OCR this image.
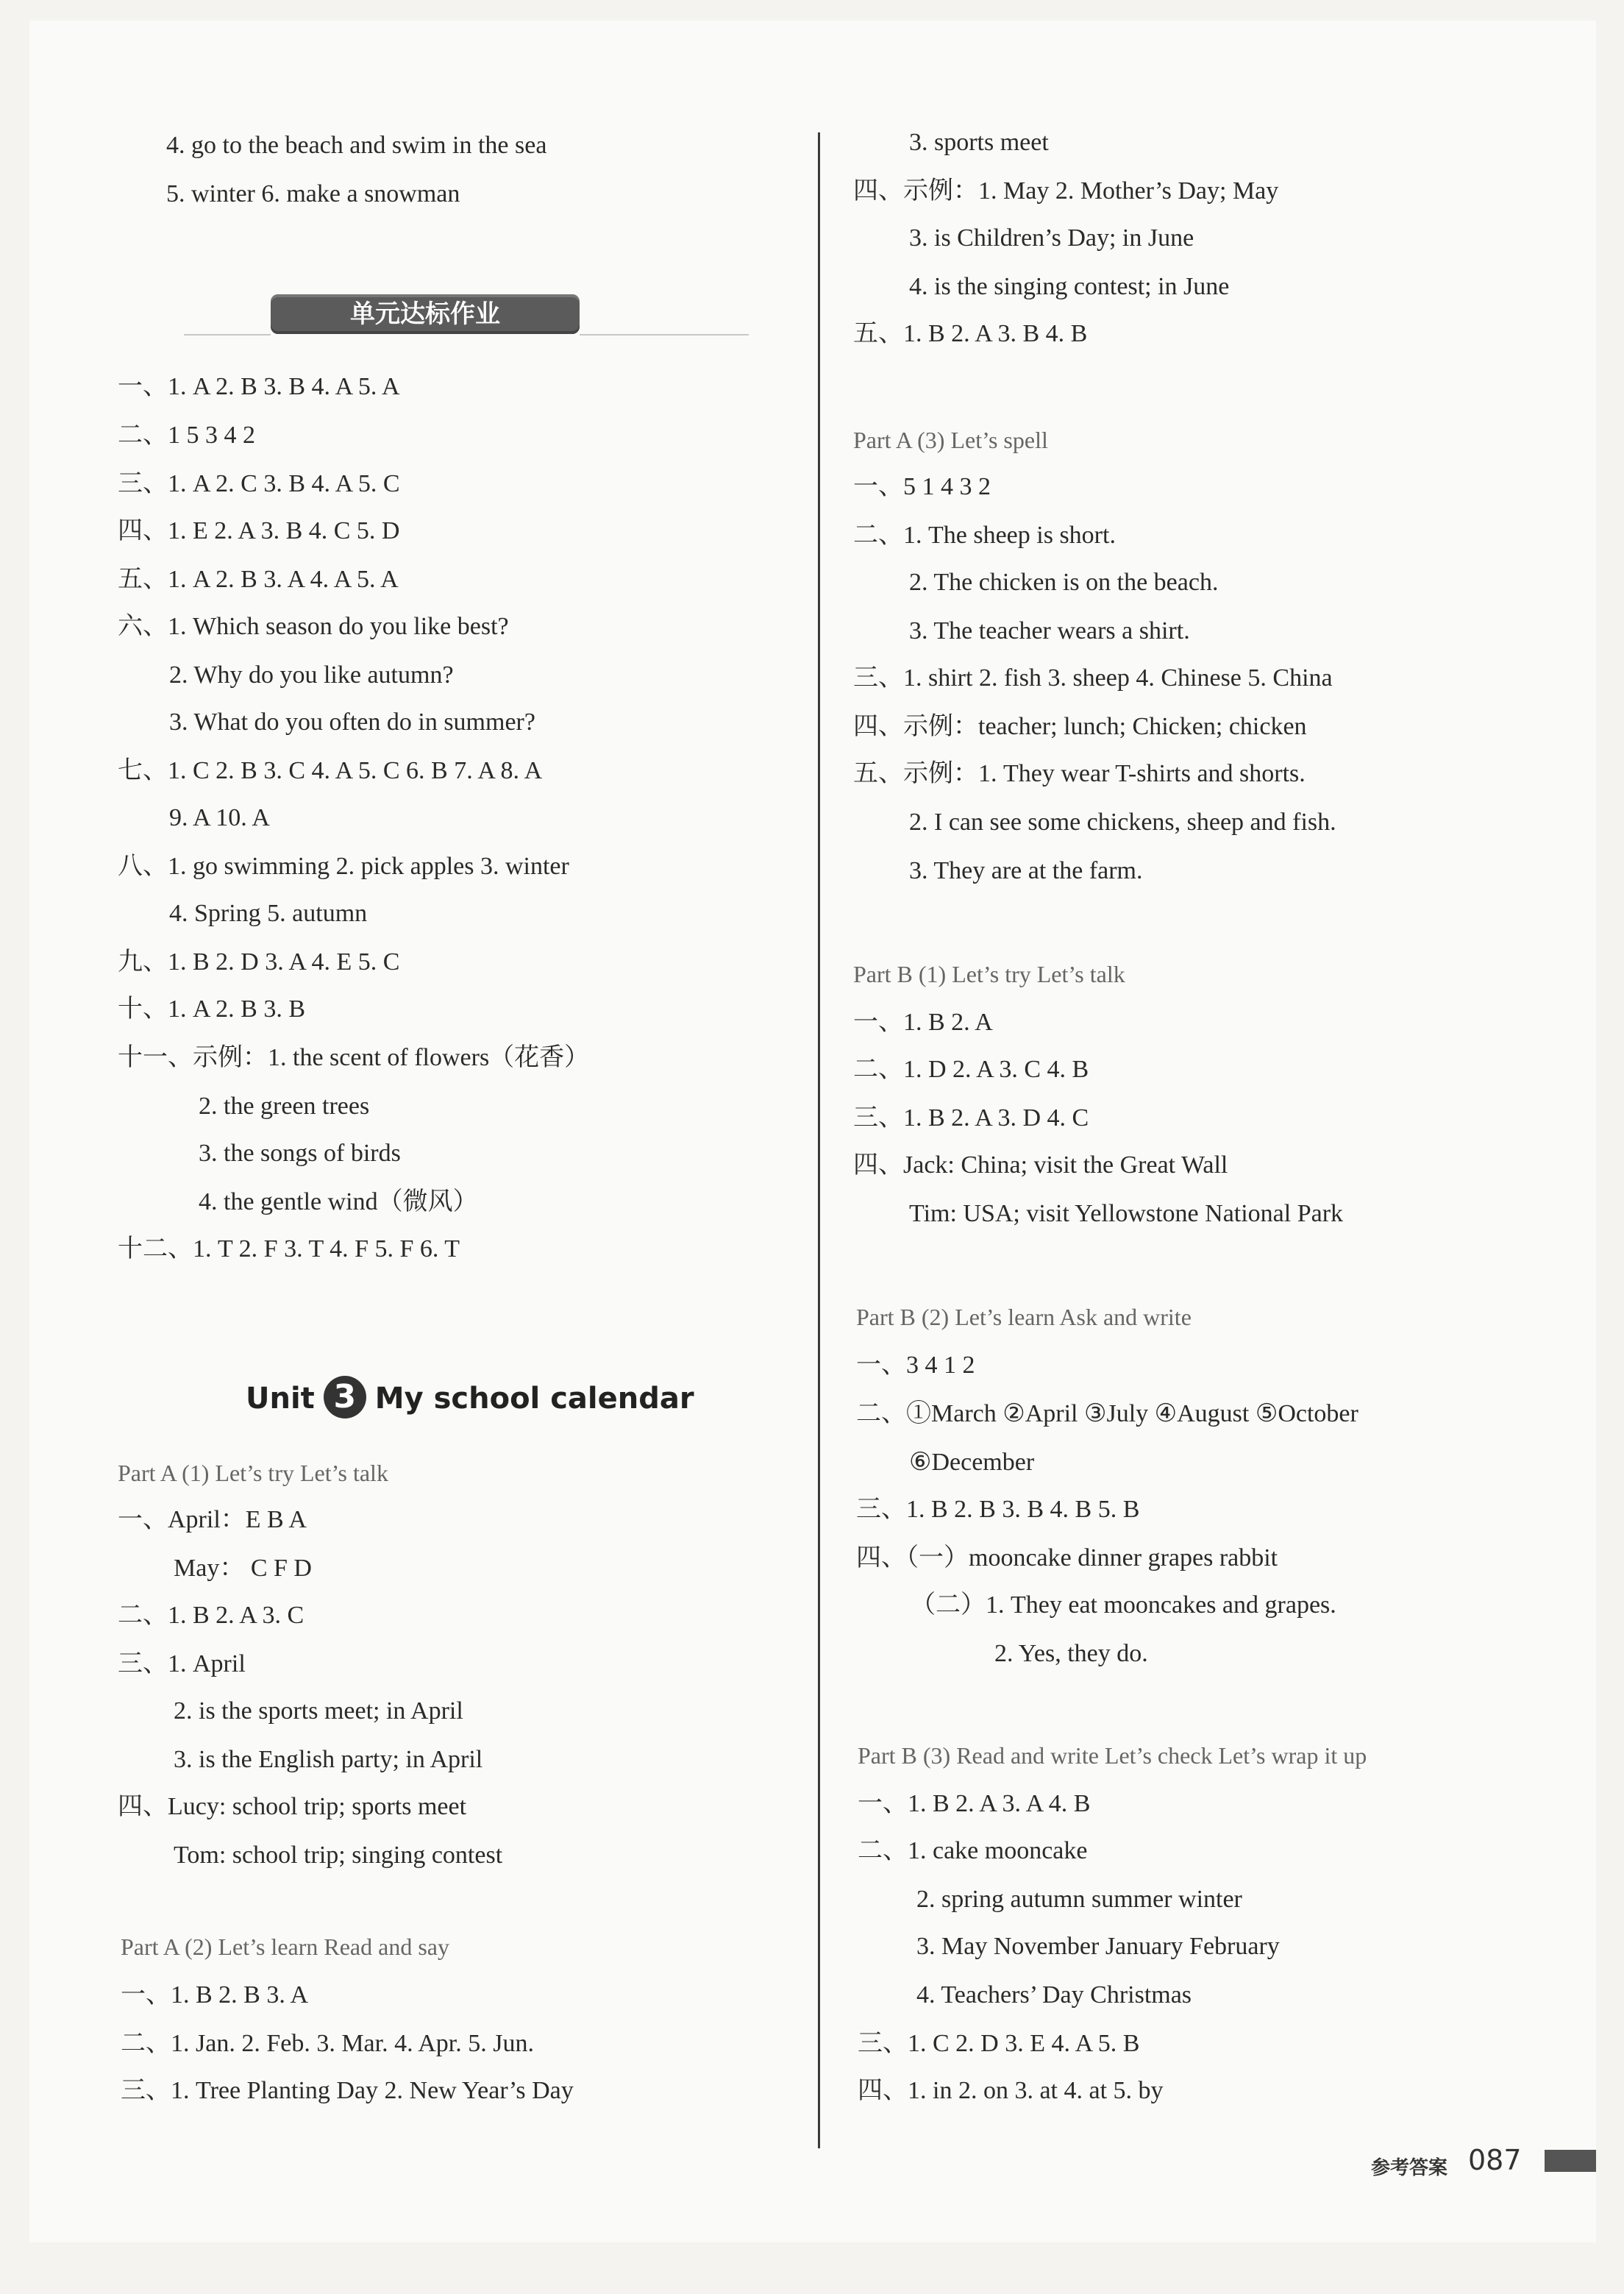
4. go to the beach and swim in the sea
5. winter 6. make a snowman
单元达标作业
一、1. A 2. B 3. B 4. A 5. A
二、1 5 3 4 2
三、1. A 2. C 3. B 4. A 5. C
四、1. E 2. A 3. B 4. C 5. D
五、1. A 2. B 3. A 4. A 5. A
六、1. Which season do you like best?
2. Why do you like autumn?
3. What do you often do in summer?
七、1. C 2. B 3. C 4. A 5. C 6. B 7. A 8. A
9. A 10. A
八、1. go swimming 2. pick apples 3. winter
4. Spring 5. autumn
九、1. B 2. D 3. A 4. E 5. C
十、1. A 2. B 3. B
十一、示例：1. the scent of flowers（花香）
2. the green trees
3. the songs of birds
4. the gentle wind（微风）
十二、1. T 2. F 3. T 4. F 5. F 6. T
Unit 3 My school calendar
Part A (1) Let’s try Let’s talk
一、April：E B A
May： C F D
二、1. B 2. A 3. C
三、1. April
2. is the sports meet; in April
3. is the English party; in April
四、Lucy: school trip; sports meet
Tom: school trip; singing contest
Part A (2) Let’s learn Read and say
一、1. B 2. B 3. A
二、1. Jan. 2. Feb. 3. Mar. 4. Apr. 5. Jun.
三、1. Tree Planting Day 2. New Year’s Day
3. sports meet
四、示例：1. May 2. Mother’s Day; May
3. is Children’s Day; in June
4. is the singing contest; in June
五、1. B 2. A 3. B 4. B
Part A (3) Let’s spell
一、5 1 4 3 2
二、1. The sheep is short.
2. The chicken is on the beach.
3. The teacher wears a shirt.
三、1. shirt 2. fish 3. sheep 4. Chinese 5. China
四、示例：teacher; lunch; Chicken; chicken
五、示例：1. They wear T-shirts and shorts.
2. I can see some chickens, sheep and fish.
3. They are at the farm.
Part B (1) Let’s try Let’s talk
一、1. B 2. A
二、1. D 2. A 3. C 4. B
三、1. B 2. A 3. D 4. C
四、Jack: China; visit the Great Wall
Tim: USA; visit Yellowstone National Park
Part B (2) Let’s learn Ask and write
一、3 4 1 2
二、①March ②April ③July ④August ⑤October
⑥December
三、1. B 2. B 3. B 4. B 5. B
四、（一）mooncake dinner grapes rabbit
（二）1. They eat mooncakes and grapes.
2. Yes, they do.
Part B (3) Read and write Let’s check Let’s wrap it up
一、1. B 2. A 3. A 4. B
二、1. cake mooncake
2. spring autumn summer winter
3. May November January February
4. Teachers’ Day Christmas
三、1. C 2. D 3. E 4. A 5. B
四、1. in 2. on 3. at 4. at 5. by
参考答案 087
